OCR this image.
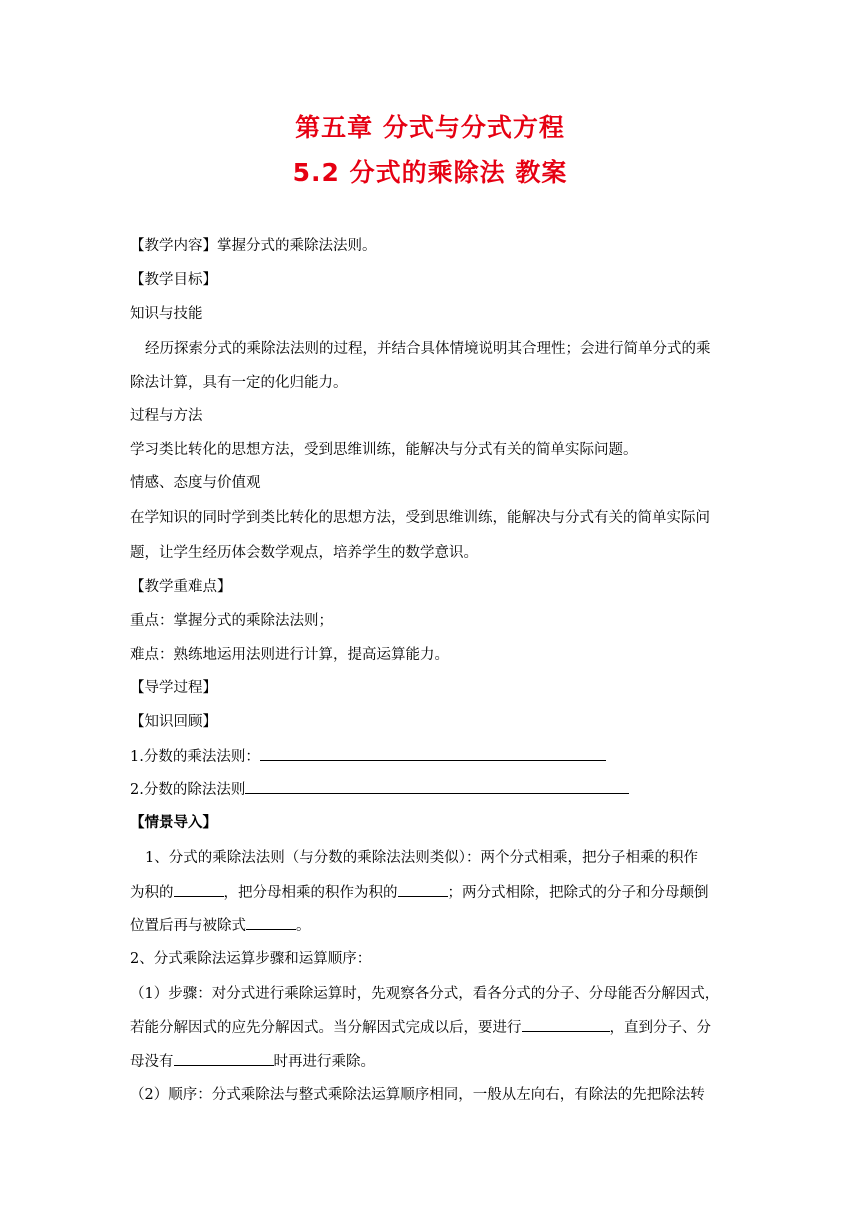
第五章 分式与分式方程
5.2 分式的乘除法 教案
【教学内容】掌握分式的乘除法法则。
【教学目标】
知识与技能
经历探索分式的乘除法法则的过程，并结合具体情境说明其合理性；会进行简单分式的乘
除法计算，具有一定的化归能力。
过程与方法
学习类比转化的思想方法，受到思维训练，能解决与分式有关的简单实际问题。
情感、态度与价值观
在学知识的同时学到类比转化的思想方法，受到思维训练，能解决与分式有关的简单实际问
题，让学生经历体会数学观点，培养学生的数学意识。
【教学重难点】
重点：掌握分式的乘除法法则；
难点：熟练地运用法则进行计算，提高运算能力。
【导学过程】
【知识回顾】
1.分数的乘法法则：
2.分数的除法法则
【情景导入】
1、分式的乘除法法则（与分数的乘除法法则类似）：两个分式相乘，把分子相乘的积作
为积的	，把分母相乘的积作为积的	；两分式相除，把除式的分子和分母颠倒
位置后再与被除式	。
2、分式乘除法运算步骤和运算顺序：
（1）步骤：对分式进行乘除运算时，先观察各分式，看各分式的分子、分母能否分解因式，
若能分解因式的应先分解因式。当分解因式完成以后，要进行	，直到分子、分
母没有	时再进行乘除。
（2）顺序：分式乘除法与整式乘除法运算顺序相同，一般从左向右，有除法的先把除法转
